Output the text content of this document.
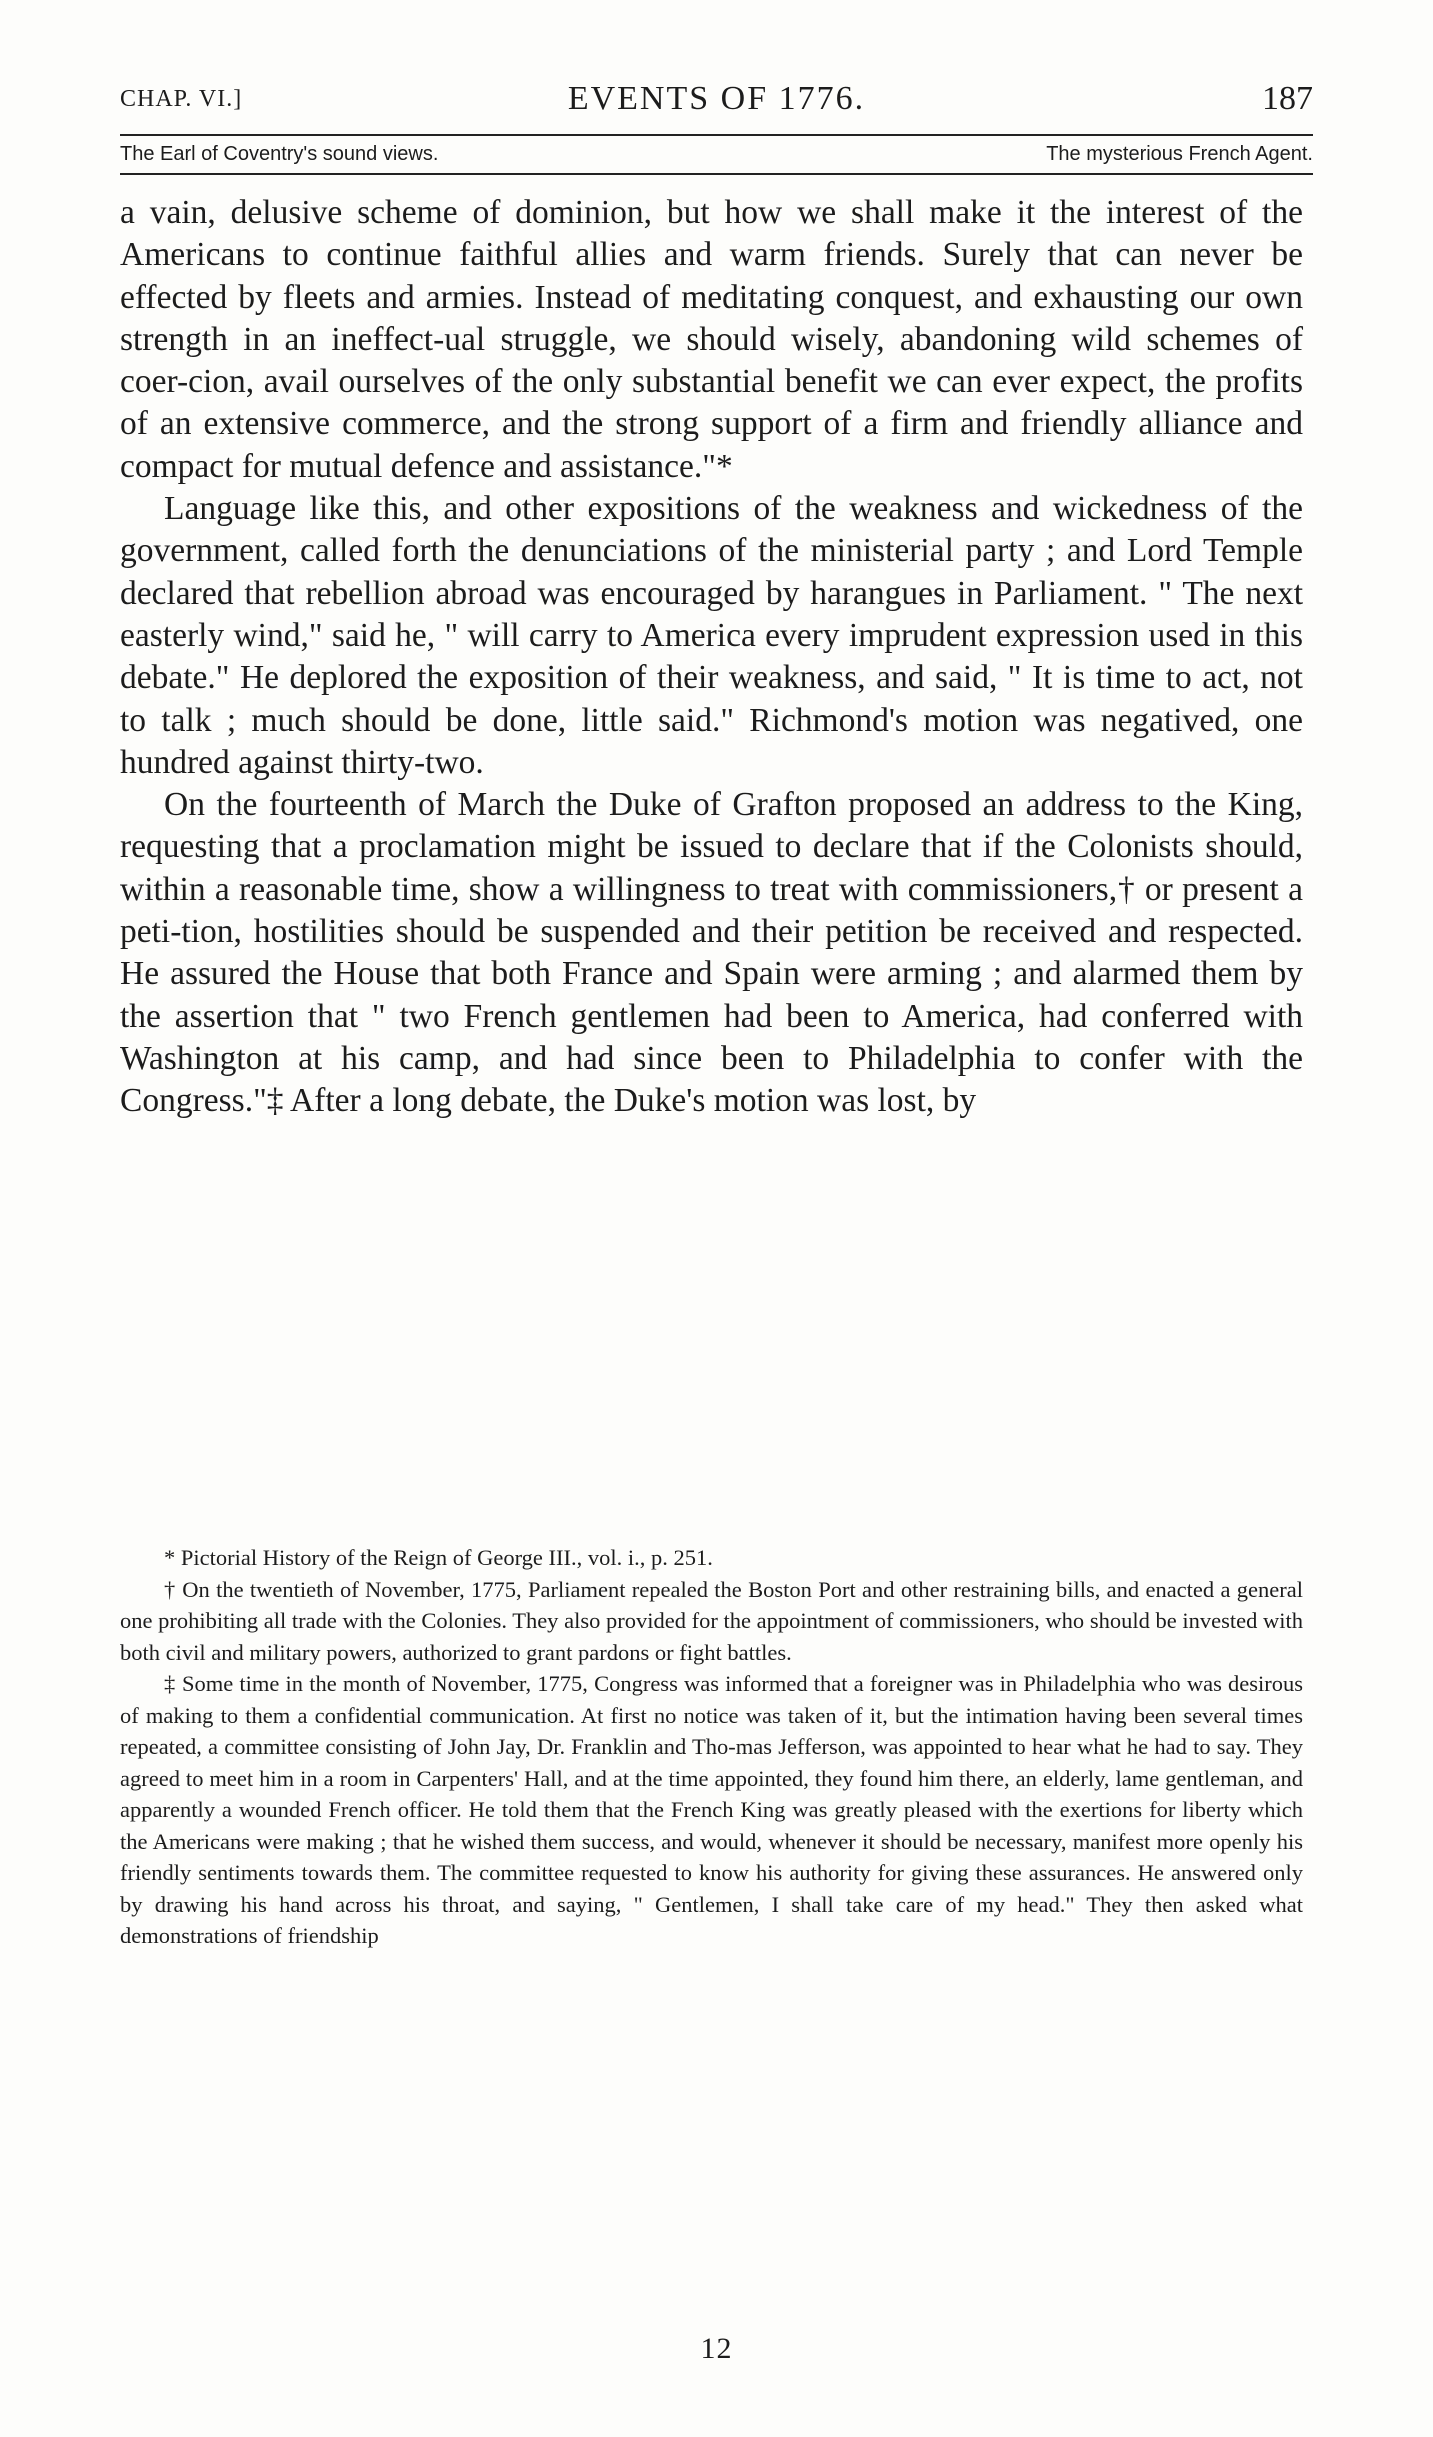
CHAP. VI.]	EVENTS OF 1776.	187
The Earl of Coventry's sound views.	The mysterious French Agent.

a vain, delusive scheme of dominion, but how we shall make it the interest of the Americans to continue faithful allies and warm friends. Surely that can never be effected by fleets and armies. Instead of meditating conquest, and exhausting our own strength in an ineffect-ual struggle, we should wisely, abandoning wild schemes of coer-cion, avail ourselves of the only substantial benefit we can ever expect, the profits of an extensive commerce, and the strong support of a firm and friendly alliance and compact for mutual defence and assistance."*

Language like this, and other expositions of the weakness and wickedness of the government, called forth the denunciations of the ministerial party ; and Lord Temple declared that rebellion abroad was encouraged by harangues in Parliament. " The next easterly wind," said he, " will carry to America every imprudent expression used in this debate." He deplored the exposition of their weakness, and said, " It is time to act, not to talk ; much should be done, little said." Richmond's motion was negatived, one hundred against thirty-two.

On the fourteenth of March the Duke of Grafton proposed an address to the King, requesting that a proclamation might be issued to declare that if the Colonists should, within a reasonable time, show a willingness to treat with commissioners,† or present a peti-tion, hostilities should be suspended and their petition be received and respected. He assured the House that both France and Spain were arming ; and alarmed them by the assertion that " two French gentlemen had been to America, had conferred with Washington at his camp, and had since been to Philadelphia to confer with the Congress."‡ After a long debate, the Duke's motion was lost, by

* Pictorial History of the Reign of George III., vol. i., p. 251.

† On the twentieth of November, 1775, Parliament repealed the Boston Port and other restraining bills, and enacted a general one prohibiting all trade with the Colonies. They also provided for the appointment of commissioners, who should be invested with both civil and military powers, authorized to grant pardons or fight battles.

‡ Some time in the month of November, 1775, Congress was informed that a foreigner was in Philadelphia who was desirous of making to them a confidential communication. At first no notice was taken of it, but the intimation having been several times repeated, a committee consisting of John Jay, Dr. Franklin and Tho-mas Jefferson, was appointed to hear what he had to say. They agreed to meet him in a room in Carpenters' Hall, and at the time appointed, they found him there, an elderly, lame gentleman, and apparently a wounded French officer. He told them that the French King was greatly pleased with the exertions for liberty which the Americans were making ; that he wished them success, and would, whenever it should be necessary, manifest more openly his friendly sentiments towards them. The committee requested to know his authority for giving these assurances. He answered only by drawing his hand across his throat, and saying, " Gentlemen, I shall take care of my head." They then asked what demonstrations of friendship

12
